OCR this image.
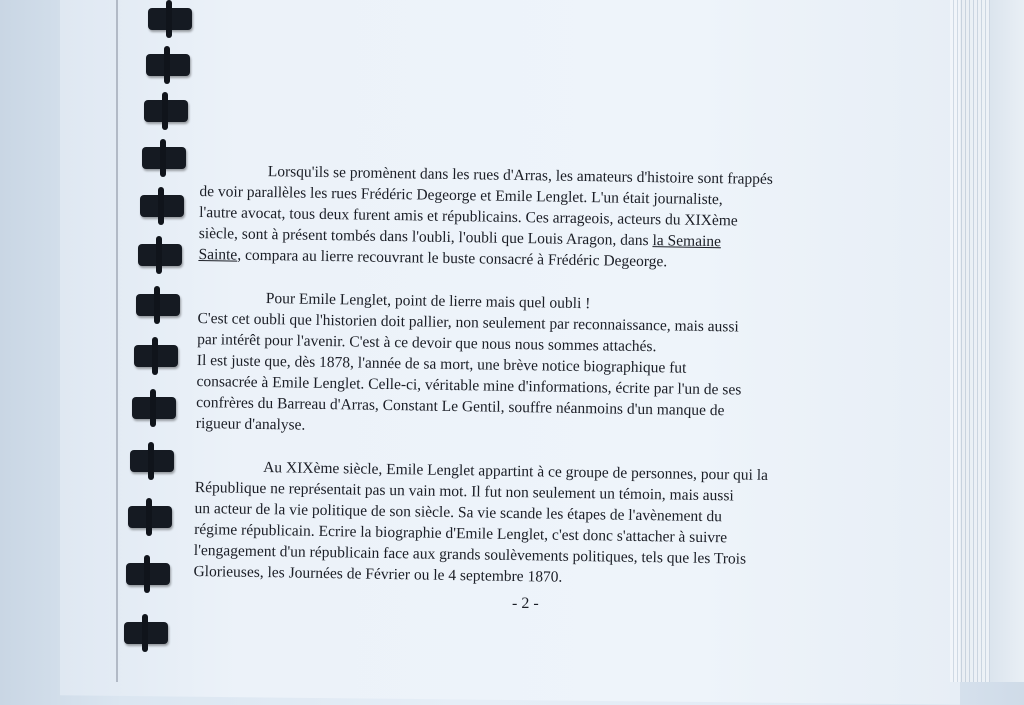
Lorsqu'ils se promènent dans les rues d'Arras, les amateurs d'histoire sont frappés
de voir parallèles les rues Frédéric Degeorge et Emile Lenglet. L'un était journaliste,
l'autre avocat, tous deux furent amis et républicains. Ces arrageois, acteurs du XIXème
siècle, sont à présent tombés dans l'oubli, l'oubli que Louis Aragon, dans la Semaine
Sainte, compara au lierre recouvrant le buste consacré à Frédéric Degeorge.

Pour Emile Lenglet, point de lierre mais quel oubli !
C'est cet oubli que l'historien doit pallier, non seulement par reconnaissance, mais aussi
par intérêt pour l'avenir. C'est à ce devoir que nous nous sommes attachés.
Il est juste que, dès 1878, l'année de sa mort, une brève notice biographique fut
consacrée à Emile Lenglet. Celle-ci, véritable mine d'informations, écrite par l'un de ses
confrères du Barreau d'Arras, Constant Le Gentil, souffre néanmoins d'un manque de
rigueur d'analyse.

Au XIXème siècle, Emile Lenglet appartint à ce groupe de personnes, pour qui la
République ne représentait pas un vain mot. Il fut non seulement un témoin, mais aussi
un acteur de la vie politique de son siècle. Sa vie scande les étapes de l'avènement du
régime républicain. Ecrire la biographie d'Emile Lenglet, c'est donc s'attacher à suivre
l'engagement d'un républicain face aux grands soulèvements politiques, tels que les Trois
Glorieuses, les Journées de Février ou le 4 septembre 1870.

- 2 -
